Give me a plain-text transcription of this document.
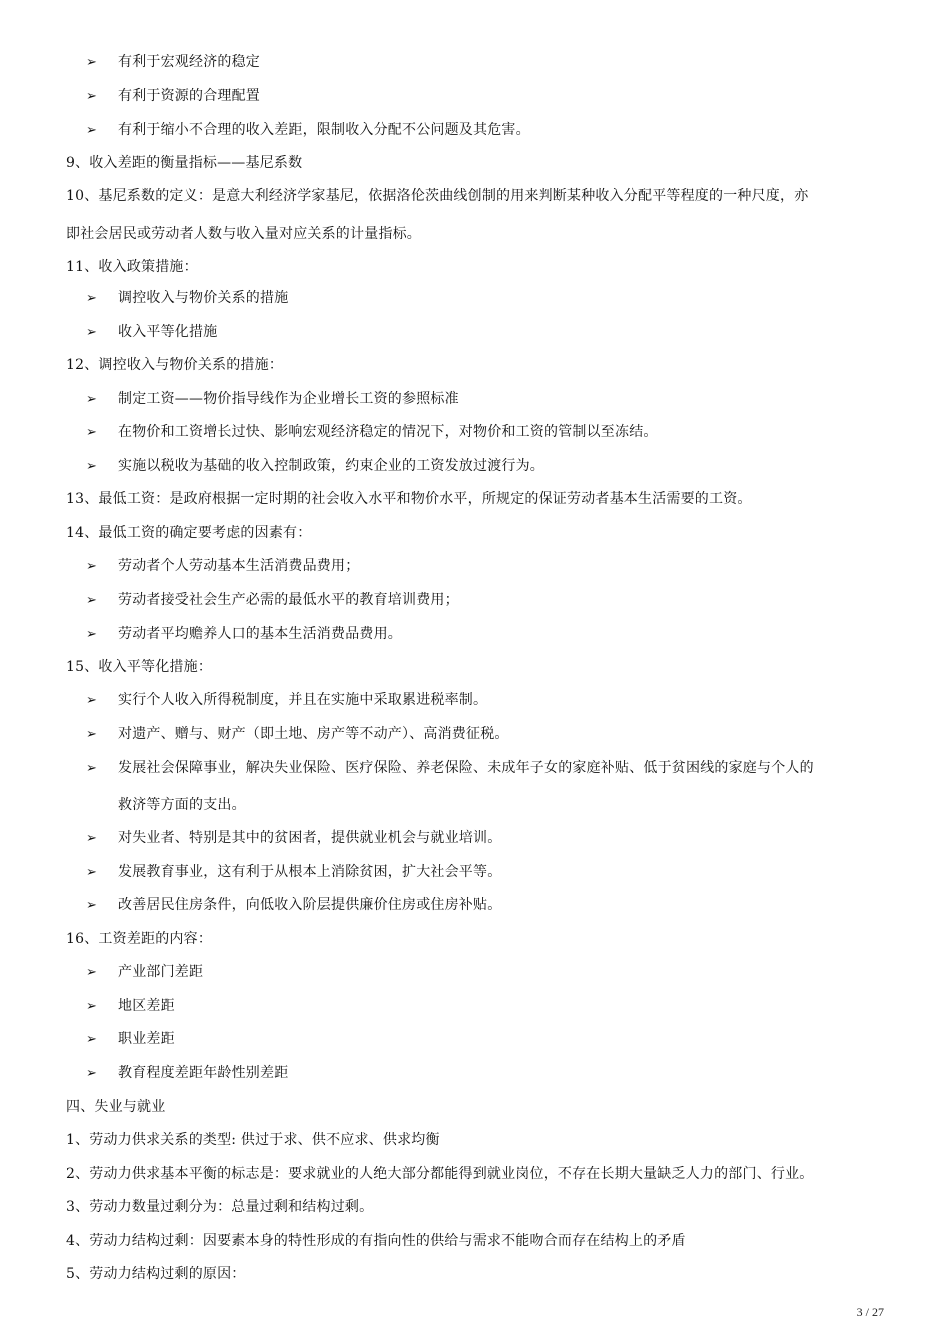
➢ 有利于宏观经济的稳定
➢ 有利于资源的合理配置
➢ 有利于缩小不合理的收入差距，限制收入分配不公问题及其危害。
9、收入差距的衡量指标——基尼系数
10、基尼系数的定义：是意大利经济学家基尼，依据洛伦茨曲线创制的用来判断某种收入分配平等程度的一种尺度，亦
即社会居民或劳动者人数与收入量对应关系的计量指标。
11、收入政策措施：
➢ 调控收入与物价关系的措施
➢ 收入平等化措施
12、调控收入与物价关系的措施：
➢ 制定工资——物价指导线作为企业增长工资的参照标准
➢ 在物价和工资增长过快、影响宏观经济稳定的情况下，对物价和工资的管制以至冻结。
➢ 实施以税收为基础的收入控制政策，约束企业的工资发放过渡行为。
13、最低工资：是政府根据一定时期的社会收入水平和物价水平，所规定的保证劳动者基本生活需要的工资。
14、最低工资的确定要考虑的因素有：
➢ 劳动者个人劳动基本生活消费品费用；
➢ 劳动者接受社会生产必需的最低水平的教育培训费用；
➢ 劳动者平均赡养人口的基本生活消费品费用。
15、收入平等化措施：
➢ 实行个人收入所得税制度，并且在实施中采取累进税率制。
➢ 对遗产、赠与、财产（即土地、房产等不动产）、高消费征税。
➢ 发展社会保障事业，解决失业保险、医疗保险、养老保险、未成年子女的家庭补贴、低于贫困线的家庭与个人的
救济等方面的支出。
➢ 对失业者、特别是其中的贫困者，提供就业机会与就业培训。
➢ 发展教育事业，这有利于从根本上消除贫困，扩大社会平等。
➢ 改善居民住房条件，向低收入阶层提供廉价住房或住房补贴。
16、工资差距的内容：
➢ 产业部门差距
➢ 地区差距
➢ 职业差距
➢ 教育程度差距年龄性别差距
四、失业与就业
1、劳动力供求关系的类型: 供过于求、供不应求、供求均衡
2、劳动力供求基本平衡的标志是：要求就业的人绝大部分都能得到就业岗位，不存在长期大量缺乏人力的部门、行业。
3、劳动力数量过剩分为：总量过剩和结构过剩。
4、劳动力结构过剩：因要素本身的特性形成的有指向性的供给与需求不能吻合而存在结构上的矛盾
5、劳动力结构过剩的原因：
3 / 27
